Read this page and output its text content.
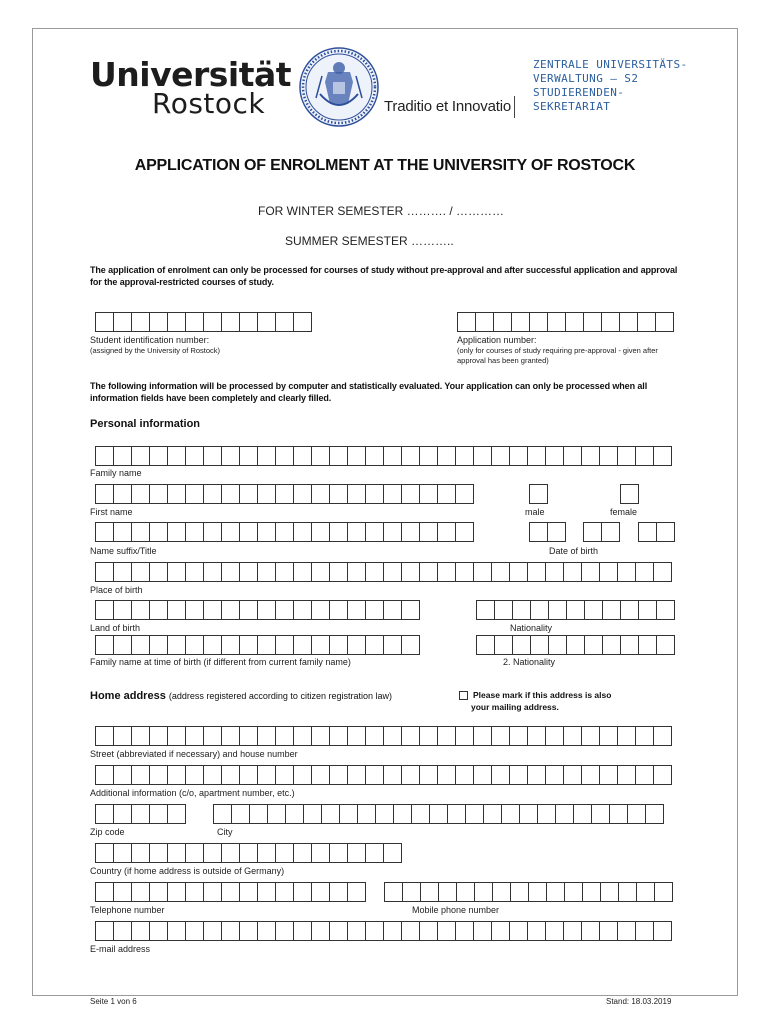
Universität
Rostock	Traditio et Innovatio
ZENTRALE UNIVERSITÄTS-
VERWALTUNG – S2
STUDIERENDEN-
SEKRETARIAT
APPLICATION OF ENROLMENT AT THE UNIVERSITY OF ROSTOCK
FOR WINTER SEMESTER ………. / …………
SUMMER SEMESTER ………..
The application of enrolment can only be processed for courses of study without pre-approval and after successful application and approval for the approval-restricted courses of study.
Student identification number:
(assigned by the University of Rostock)
Application number:
(only for courses of study requiring pre-approval - given after approval has been granted)
The following information will be processed by computer and statistically evaluated. Your application can only be processed when all information fields have been completely and clearly filled.
Personal information
Family name
First name	male	female
Name suffix/Title	Date of birth
Place of birth
Land of birth	Nationality
Family name at time of birth (if different from current family name)	2. Nationality
Home address (address registered according to citizen registration law)	Please mark if this address is also
your mailing address.
Street (abbreviated if necessary) and house number
Additional information (c/o, apartment number, etc.)
Zip code	City
Country (if home address is outside of Germany)
Telephone number	Mobile phone number
E-mail address
Seite 1 von 6	Stand: 18.03.2019
